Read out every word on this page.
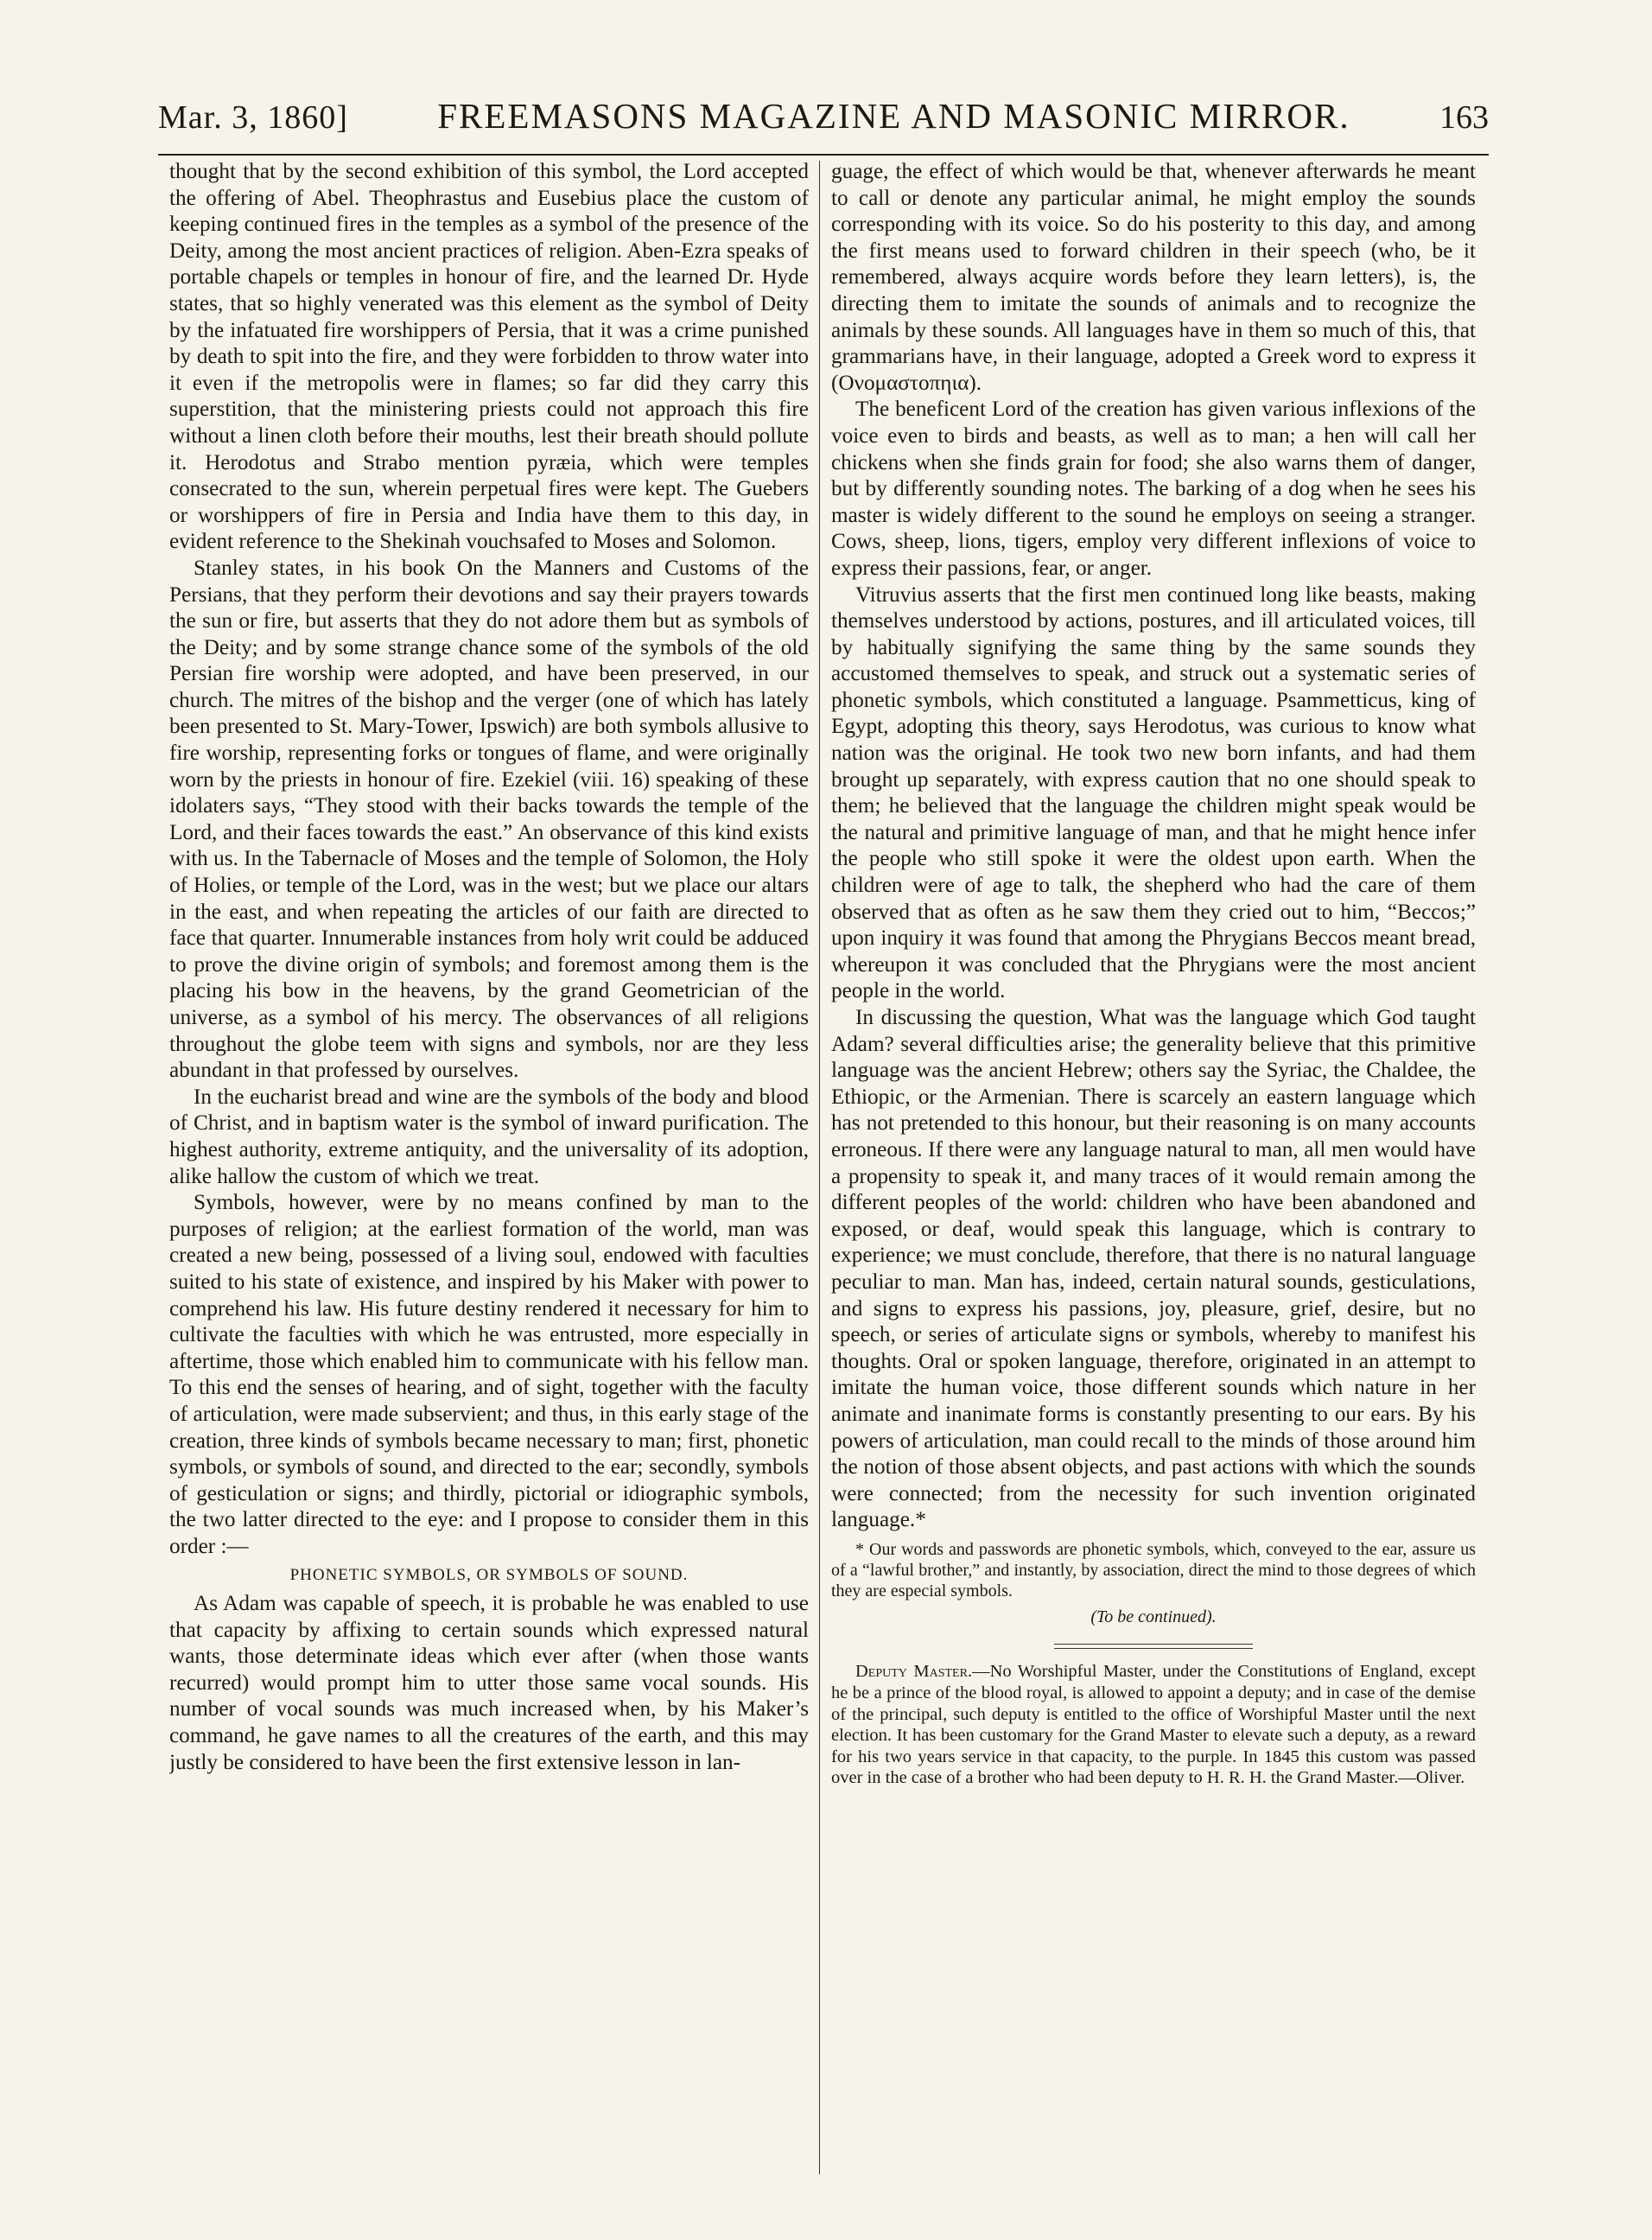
Mar. 3, 1860]	FREEMASONS MAGAZINE AND MASONIC MIRROR.	163

thought that by the second exhibition of this symbol, the Lord accepted the offering of Abel. Theophrastus and Eusebius place the custom of keeping continued fires in the temples as a symbol of the presence of the Deity, among the most ancient practices of religion. Aben-Ezra speaks of portable chapels or temples in honour of fire, and the learned Dr. Hyde states, that so highly venerated was this element as the symbol of Deity by the infatuated fire worshippers of Persia, that it was a crime punished by death to spit into the fire, and they were forbidden to throw water into it even if the metropolis were in flames; so far did they carry this superstition, that the ministering priests could not approach this fire without a linen cloth before their mouths, lest their breath should pollute it. Herodotus and Strabo mention pyræia, which were temples consecrated to the sun, wherein perpetual fires were kept. The Guebers or worshippers of fire in Persia and India have them to this day, in evident reference to the Shekinah vouchsafed to Moses and Solomon.

Stanley states, in his book On the Manners and Customs of the Persians, that they perform their devotions and say their prayers towards the sun or fire, but asserts that they do not adore them but as symbols of the Deity; and by some strange chance some of the symbols of the old Persian fire worship were adopted, and have been preserved, in our church. The mitres of the bishop and the verger (one of which has lately been presented to St. Mary-Tower, Ipswich) are both symbols allusive to fire worship, representing forks or tongues of flame, and were originally worn by the priests in honour of fire. Ezekiel (viii. 16) speaking of these idolaters says, “They stood with their backs towards the temple of the Lord, and their faces towards the east.” An observance of this kind exists with us. In the Tabernacle of Moses and the temple of Solomon, the Holy of Holies, or temple of the Lord, was in the west; but we place our altars in the east, and when repeating the articles of our faith are directed to face that quarter. Innumerable instances from holy writ could be adduced to prove the divine origin of symbols; and foremost among them is the placing his bow in the heavens, by the grand Geometrician of the universe, as a symbol of his mercy. The observances of all religions throughout the globe teem with signs and symbols, nor are they less abundant in that professed by ourselves.

In the eucharist bread and wine are the symbols of the body and blood of Christ, and in baptism water is the symbol of inward purification. The highest authority, extreme antiquity, and the universality of its adoption, alike hallow the custom of which we treat.

Symbols, however, were by no means confined by man to the purposes of religion; at the earliest formation of the world, man was created a new being, possessed of a living soul, endowed with faculties suited to his state of existence, and inspired by his Maker with power to comprehend his law. His future destiny rendered it necessary for him to cultivate the faculties with which he was entrusted, more especially in aftertime, those which enabled him to communicate with his fellow man. To this end the senses of hearing, and of sight, together with the faculty of articulation, were made subservient; and thus, in this early stage of the creation, three kinds of symbols became necessary to man; first, phonetic symbols, or symbols of sound, and directed to the ear; secondly, symbols of gesticulation or signs; and thirdly, pictorial or idiographic symbols, the two latter directed to the eye: and I propose to consider them in this order :—

PHONETIC SYMBOLS, OR SYMBOLS OF SOUND.

As Adam was capable of speech, it is probable he was enabled to use that capacity by affixing to certain sounds which expressed natural wants, those determinate ideas which ever after (when those wants recurred) would prompt him to utter those same vocal sounds. His number of vocal sounds was much increased when, by his Maker’s command, he gave names to all the creatures of the earth, and this may justly be considered to have been the first extensive lesson in lan-

guage, the effect of which would be that, whenever afterwards he meant to call or denote any particular animal, he might employ the sounds corresponding with its voice. So do his posterity to this day, and among the first means used to forward children in their speech (who, be it remembered, always acquire words before they learn letters), is, the directing them to imitate the sounds of animals and to recognize the animals by these sounds. All languages have in them so much of this, that grammarians have, in their language, adopted a Greek word to express it (Ονομαστοπηια).

The beneficent Lord of the creation has given various inflexions of the voice even to birds and beasts, as well as to man; a hen will call her chickens when she finds grain for food; she also warns them of danger, but by differently sounding notes. The barking of a dog when he sees his master is widely different to the sound he employs on seeing a stranger. Cows, sheep, lions, tigers, employ very different inflexions of voice to express their passions, fear, or anger.

Vitruvius asserts that the first men continued long like beasts, making themselves understood by actions, postures, and ill articulated voices, till by habitually signifying the same thing by the same sounds they accustomed themselves to speak, and struck out a systematic series of phonetic symbols, which constituted a language. Psammetticus, king of Egypt, adopting this theory, says Herodotus, was curious to know what nation was the original. He took two new born infants, and had them brought up separately, with express caution that no one should speak to them; he believed that the language the children might speak would be the natural and primitive language of man, and that he might hence infer the people who still spoke it were the oldest upon earth. When the children were of age to talk, the shepherd who had the care of them observed that as often as he saw them they cried out to him, “Beccos;” upon inquiry it was found that among the Phrygians Beccos meant bread, whereupon it was concluded that the Phrygians were the most ancient people in the world.

In discussing the question, What was the language which God taught Adam? several difficulties arise; the generality believe that this primitive language was the ancient Hebrew; others say the Syriac, the Chaldee, the Ethiopic, or the Armenian. There is scarcely an eastern language which has not pretended to this honour, but their reasoning is on many accounts erroneous. If there were any language natural to man, all men would have a propensity to speak it, and many traces of it would remain among the different peoples of the world: children who have been abandoned and exposed, or deaf, would speak this language, which is contrary to experience; we must conclude, therefore, that there is no natural language peculiar to man. Man has, indeed, certain natural sounds, gesticulations, and signs to express his passions, joy, pleasure, grief, desire, but no speech, or series of articulate signs or symbols, whereby to manifest his thoughts. Oral or spoken language, therefore, originated in an attempt to imitate the human voice, those different sounds which nature in her animate and inanimate forms is constantly presenting to our ears. By his powers of articulation, man could recall to the minds of those around him the notion of those absent objects, and past actions with which the sounds were connected; from the necessity for such invention originated language.*

* Our words and passwords are phonetic symbols, which, conveyed to the ear, assure us of a “lawful brother,” and instantly, by association, direct the mind to those degrees of which they are especial symbols.

(To be continued).

Deputy Master.—No Worshipful Master, under the Constitutions of England, except he be a prince of the blood royal, is allowed to appoint a deputy; and in case of the demise of the principal, such deputy is entitled to the office of Worshipful Master until the next election. It has been customary for the Grand Master to elevate such a deputy, as a reward for his two years service in that capacity, to the purple. In 1845 this custom was passed over in the case of a brother who had been deputy to H. R. H. the Grand Master.—Oliver.
